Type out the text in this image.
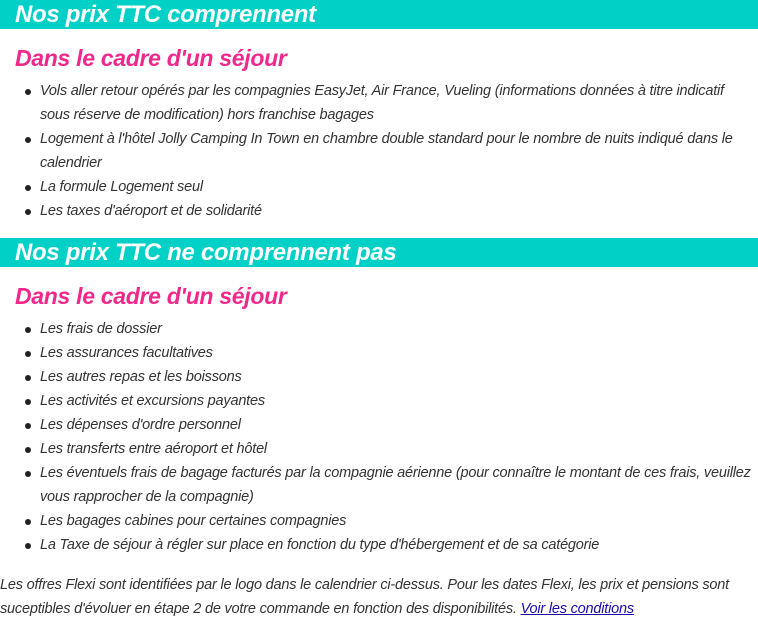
Nos prix TTC comprennent
Dans le cadre d'un séjour
Vols aller retour opérés par les compagnies EasyJet, Air France, Vueling (informations données à titre indicatif sous réserve de modification) hors franchise bagages
Logement à l'hôtel Jolly Camping In Town en chambre double standard pour le nombre de nuits indiqué dans le calendrier
La formule Logement seul
Les taxes d'aéroport et de solidarité
Nos prix TTC ne comprennent pas
Dans le cadre d'un séjour
Les frais de dossier
Les assurances facultatives
Les autres repas et les boissons
Les activités et excursions payantes
Les dépenses d'ordre personnel
Les transferts entre aéroport et hôtel
Les éventuels frais de bagage facturés par la compagnie aérienne (pour connaître le montant de ces frais, veuillez vous rapprocher de la compagnie)
Les bagages cabines pour certaines compagnies
La Taxe de séjour à régler sur place en fonction du type d'hébergement et de sa catégorie

Les offres Flexi sont identifiées par le logo dans le calendrier ci-dessus. Pour les dates Flexi, les prix et pensions sont suceptibles d'évoluer en étape 2 de votre commande en fonction des disponibilités. Voir les conditions
